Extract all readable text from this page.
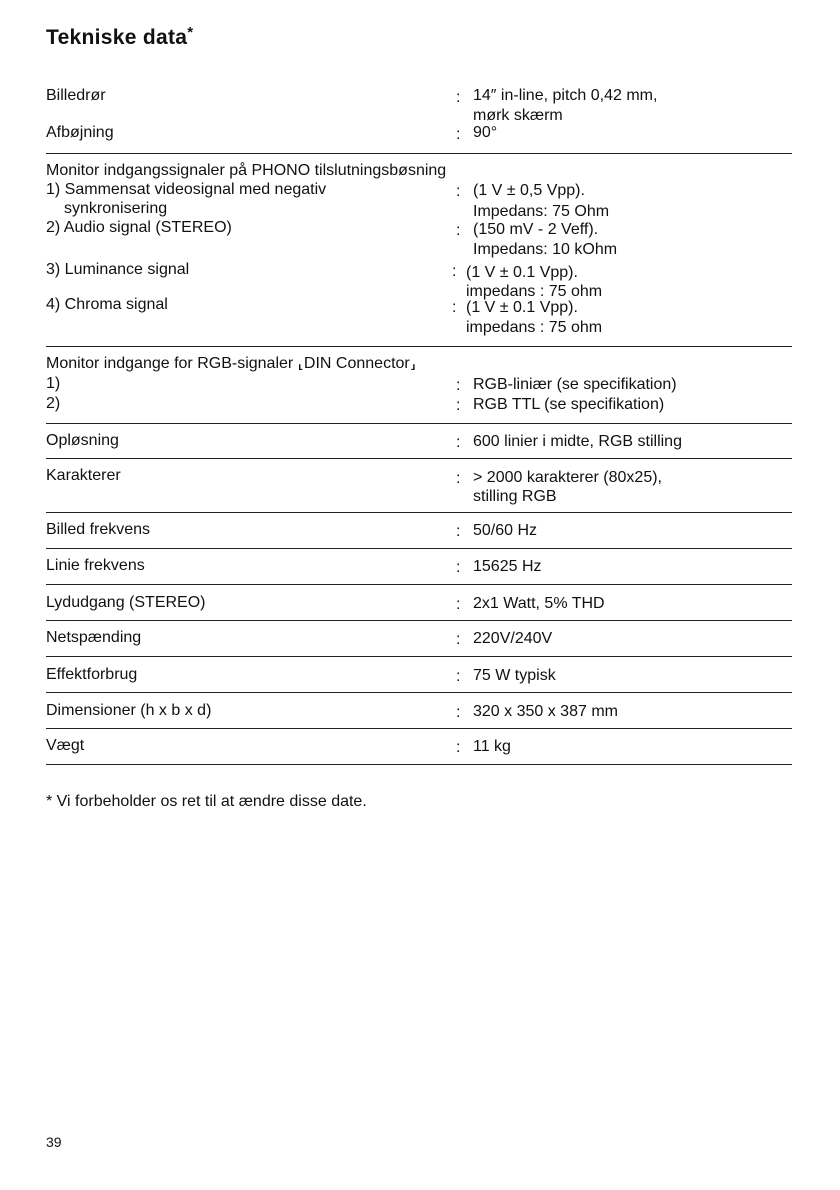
Tekniske data*
Billedrør	: 14″ in-line, pitch 0,42 mm,
mørk skærm
Afbøjning	: 90°
Monitor indgangssignaler på PHONO tilslutningsbøsning
1) Sammensat videosignal med negativ
synkronisering
: (1 V ± 0,5 Vpp).
Impedans: 75 Ohm
2) Audio signal (STEREO)	: (150 mV - 2 Veff).
Impedans: 10 kOhm
3) Luminance signal	: (1 V ± 0.1 Vpp).
impedans : 75 ohm
4) Chroma signal	: (1 V ± 0.1 Vpp).
impedans : 75 ohm
Monitor indgange for RGB-signaler ⸤DIN Connector⸥
1)	: RGB-liniær (se specifikation)
2)	: RGB TTL (se specifikation)
Opløsning	: 600 linier i midte, RGB stilling
Karakterer	: > 2000 karakterer (80x25),
stilling RGB
Billed frekvens	: 50/60 Hz
Linie frekvens	: 15625 Hz
Lydudgang (STEREO)	: 2x1 Watt, 5% THD
Netspænding	: 220V/240V
Effektforbrug	: 75 W typisk
Dimensioner (h x b x d)	: 320 x 350 x 387 mm
Vægt	: 11 kg
* Vi forbeholder os ret til at ændre disse date.
39
